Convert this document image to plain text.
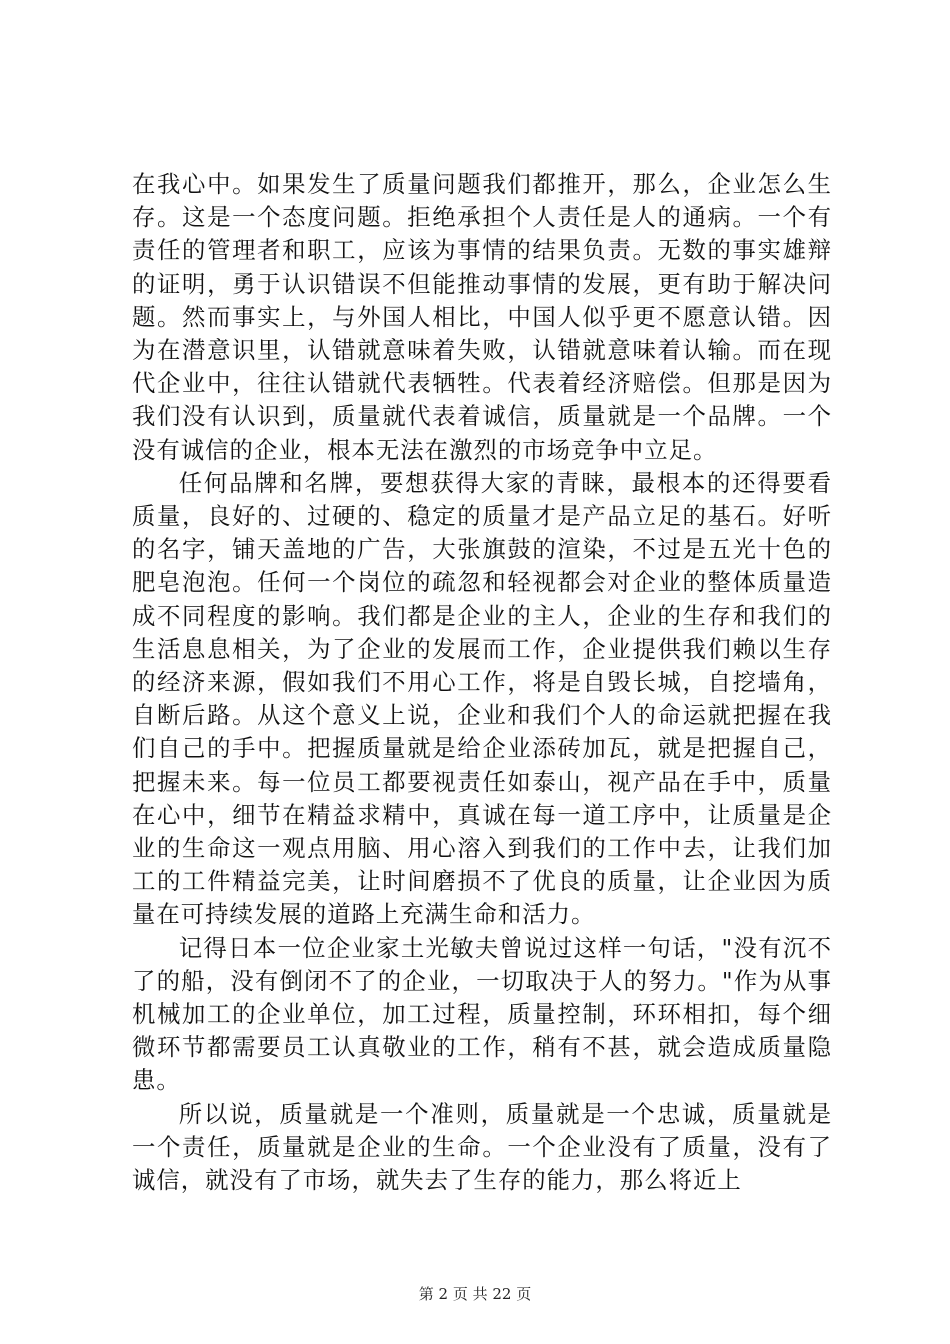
在我心中。如果发生了质量问题我们都推开，那么，企业怎么生存。这是一个态度问题。拒绝承担个人责任是人的通病。一个有责任的管理者和职工，应该为事情的结果负责。无数的事实雄辩的证明，勇于认识错误不但能推动事情的发展，更有助于解决问题。然而事实上，与外国人相比，中国人似乎更不愿意认错。因为在潜意识里，认错就意味着失败，认错就意味着认输。而在现代企业中，往往认错就代表牺牲。代表着经济赔偿。但那是因为我们没有认识到，质量就代表着诚信，质量就是一个品牌。一个没有诚信的企业，根本无法在激烈的市场竞争中立足。

任何品牌和名牌，要想获得大家的青睐，最根本的还得要看质量，良好的、过硬的、稳定的质量才是产品立足的基石。好听的名字，铺天盖地的广告，大张旗鼓的渲染，不过是五光十色的肥皂泡泡。任何一个岗位的疏忽和轻视都会对企业的整体质量造成不同程度的影响。我们都是企业的主人，企业的生存和我们的生活息息相关，为了企业的发展而工作，企业提供我们赖以生存的经济来源，假如我们不用心工作，将是自毁长城，自挖墙角，自断后路。从这个意义上说，企业和我们个人的命运就把握在我们自己的手中。把握质量就是给企业添砖加瓦，就是把握自己，把握未来。每一位员工都要视责任如泰山，视产品在手中，质量在心中，细节在精益求精中，真诚在每一道工序中，让质量是企业的生命这一观点用脑、用心溶入到我们的工作中去，让我们加工的工件精益完美，让时间磨损不了优良的质量，让企业因为质量在可持续发展的道路上充满生命和活力。

记得日本一位企业家土光敏夫曾说过这样一句话，"没有沉不了的船，没有倒闭不了的企业，一切取决于人的努力。"作为从事机械加工的企业单位，加工过程，质量控制，环环相扣，每个细微环节都需要员工认真敬业的工作，稍有不甚，就会造成质量隐患。

所以说，质量就是一个准则，质量就是一个忠诚，质量就是一个责任，质量就是企业的生命。一个企业没有了质量，没有了诚信，就没有了市场，就失去了生存的能力，那么将近上

第 2 页 共 22 页
